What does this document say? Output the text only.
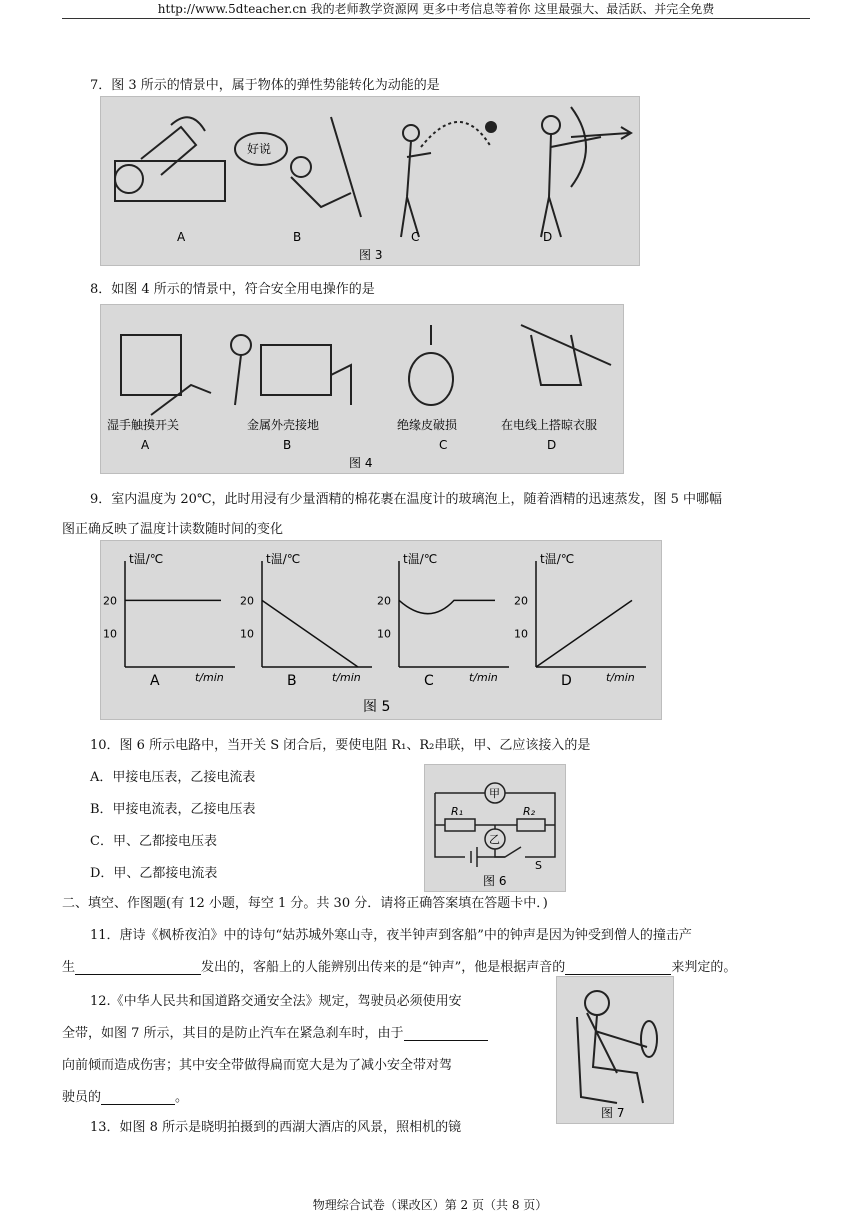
http://www.5dteacher.cn 我的老师教学资源网 更多中考信息等着你 这里最强大、最活跃、并完全免费
7．图 3 所示的情景中，属于物体的弹性势能转化为动能的是
好说
A	B	C	D
图 3
8．如图 4 所示的情景中，符合安全用电操作的是
湿手触摸开关	金属外壳接地	绝缘皮破损	在电线上搭晾衣服
A	B	C	D
图 4
9．室内温度为 20℃，此时用浸有少量酒精的棉花裹在温度计的玻璃泡上，随着酒精的迅速蒸发，图 5 中哪幅
图正确反映了温度计读数随时间的变化
20
10
t温/℃
t/min
A
20
10
t温/℃
t/min
B
20
10
t温/℃
t/min
C
20
10
t温/℃
t/min
D
图 5
10．图 6 所示电路中，当开关 S 闭合后，要使电阻 R₁、R₂串联，甲、乙应该接入的是
A．甲接电压表，乙接电流表
B．甲接电流表，乙接电压表
C．甲、乙都接电压表
D．甲、乙都接电流表
甲
乙
R₁	R₂
S
图 6
二、填空、作图题(有 12 小题，每空 1 分。共 30 分．请将正确答案填在答题卡中．)
11．唐诗《枫桥夜泊》中的诗句“姑苏城外寒山寺，夜半钟声到客船”中的钟声是因为钟受到僧人的撞击产
生	发出的，客船上的人能辨别出传来的是“钟声”，他是根据声音的	来判定的。
12.《中华人民共和国道路交通安全法》规定，驾驶员必须使用安
全带，如图 7 所示，其目的是防止汽车在紧急刹车时，由于
向前倾而造成伤害；其中安全带做得扁而宽大是为了减小安全带对驾
驶员的	。
图 7
13．如图 8 所示是晓明拍摄到的西湖大酒店的风景，照相机的镜
物理综合试卷（课改区）第 2 页（共 8 页）
